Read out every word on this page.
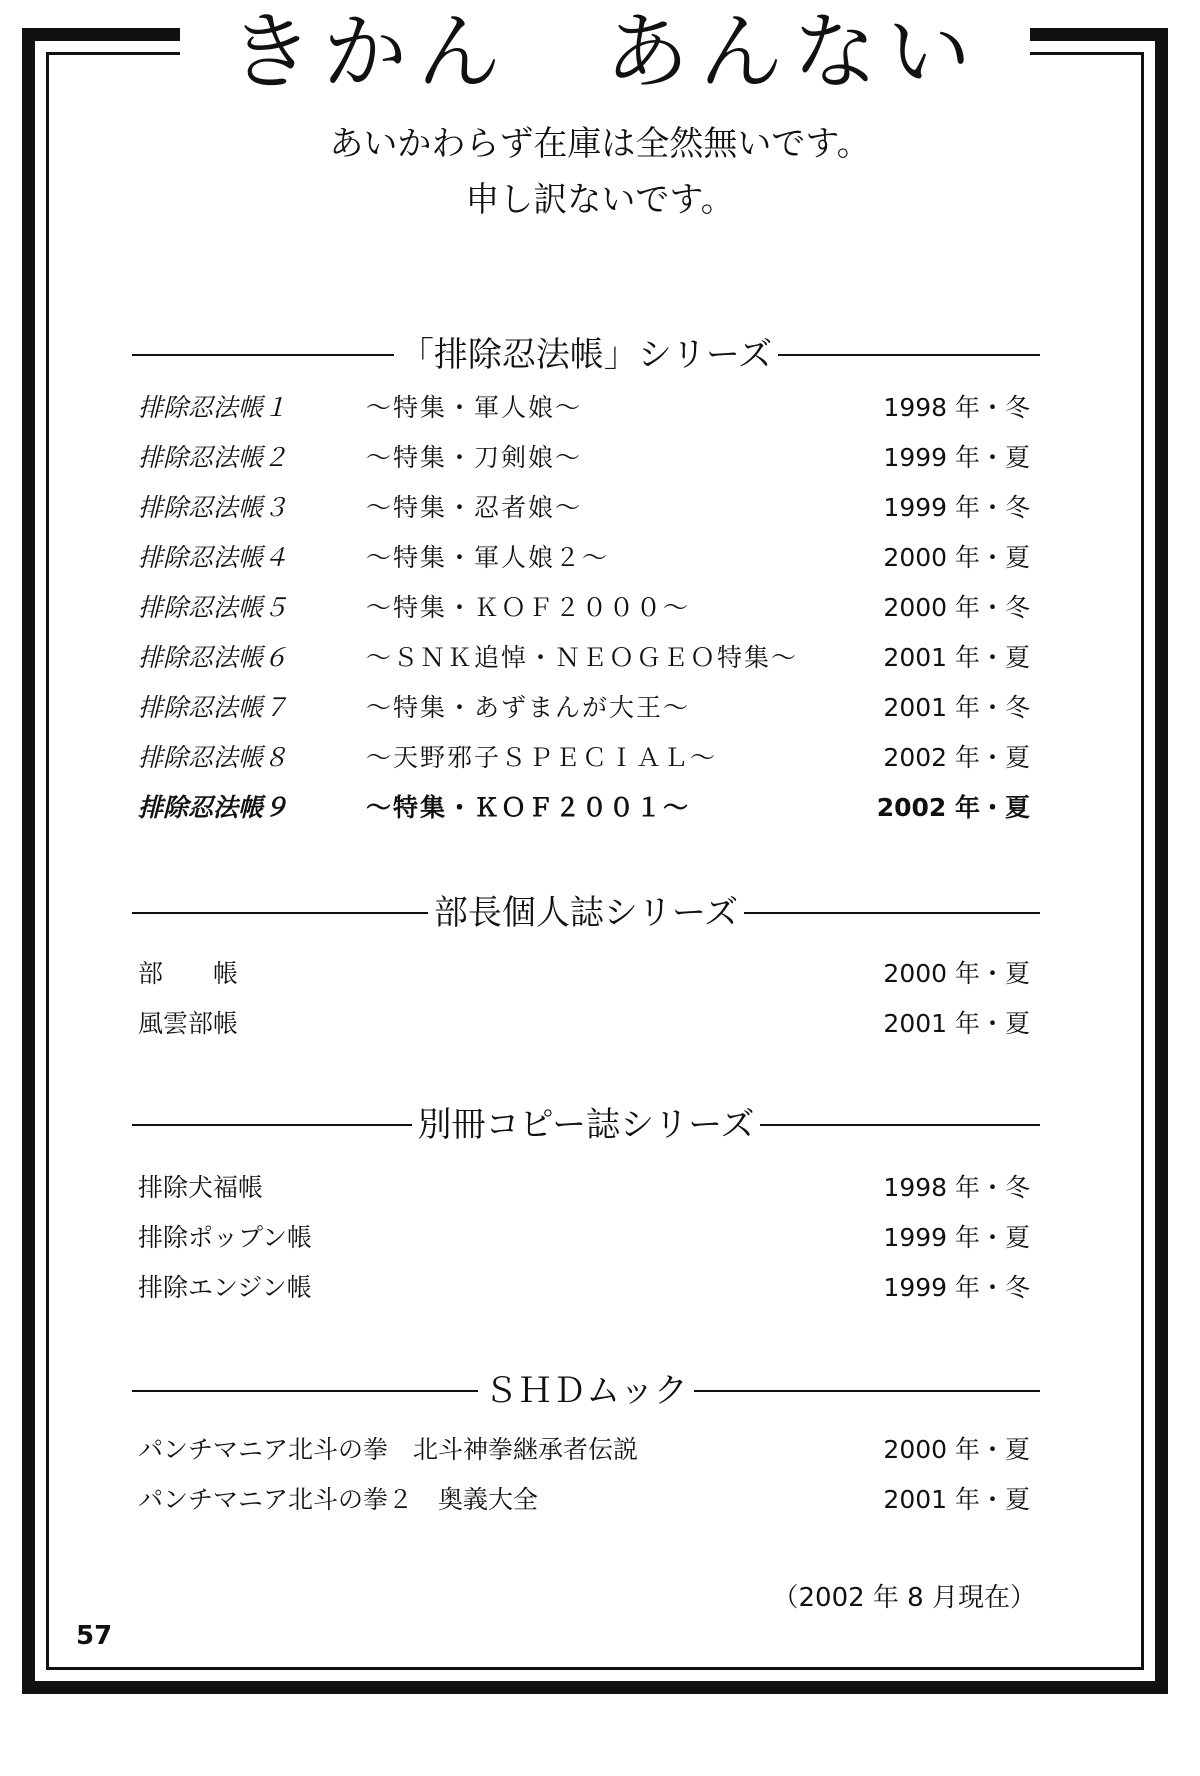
きかん　あんない
あいかわらず在庫は全然無いです。
申し訳ないです。
「排除忍法帳」シリーズ
排除忍法帳１	〜特集・軍人娘〜	1998 年・冬
排除忍法帳２	〜特集・刀剣娘〜	1999 年・夏
排除忍法帳３	〜特集・忍者娘〜	1999 年・冬
排除忍法帳４	〜特集・軍人娘２〜	2000 年・夏
排除忍法帳５	〜特集・ＫＯＦ２０００〜	2000 年・冬
排除忍法帳６	〜ＳＮＫ追悼・ＮＥＯＧＥＯ特集〜	2001 年・夏
排除忍法帳７	〜特集・あずまんが大王〜	2001 年・冬
排除忍法帳８	〜天野邪子ＳＰＥＣＩＡＬ〜	2002 年・夏
排除忍法帳９	〜特集・ＫＯＦ２００１〜	2002 年・夏
部長個人誌シリーズ
部　　帳	2000 年・夏
風雲部帳	2001 年・夏
別冊コピー誌シリーズ
排除犬福帳	1998 年・冬
排除ポップン帳	1999 年・夏
排除エンジン帳	1999 年・冬
ＳＨＤムック
パンチマニア北斗の拳　北斗神拳継承者伝説	2000 年・夏
パンチマニア北斗の拳２　奥義大全	2001 年・夏
（2002 年 8 月現在）
57
